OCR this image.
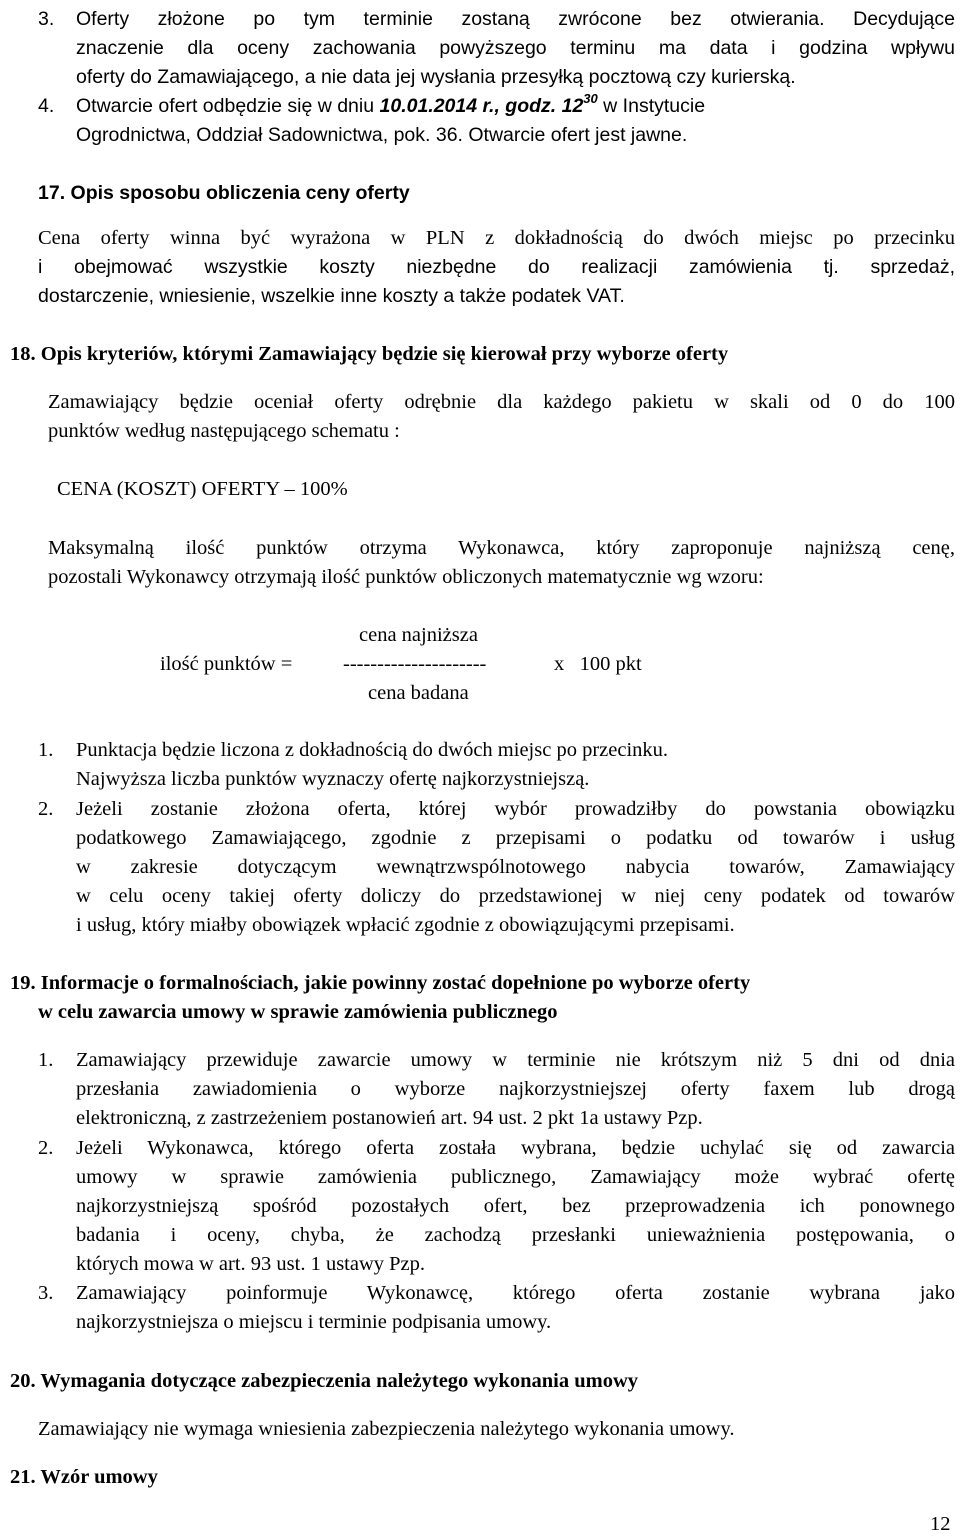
3. Oferty złożone po tym terminie zostaną zwrócone bez otwierania. Decydujące
znaczenie dla oceny zachowania powyższego terminu ma data i godzina wpływu
oferty do Zamawiającego, a nie data jej wysłania przesyłką pocztową czy kurierską.
4. Otwarcie ofert odbędzie się w dniu 10.01.2014 r., godz. $12^{30}$ w Instytucie
Ogrodnictwa, Oddział Sadownictwa, pok. 36. Otwarcie ofert jest jawne.
17. Opis sposobu obliczenia ceny oferty
Cena oferty winna być wyrażona w PLN z dokładnością do dwóch miejsc po przecinku
i obejmować wszystkie koszty niezbędne do realizacji zamówienia tj. sprzedaż,
dostarczenie, wniesienie, wszelkie inne koszty a także podatek VAT.
18. Opis kryteriów, którymi Zamawiający będzie się kierował przy wyborze oferty
Zamawiający będzie oceniał oferty odrębnie dla każdego pakietu w skali od 0 do 100
punktów według następującego schematu :
CENA (KOSZT) OFERTY – 100%
Maksymalną ilość punktów otrzyma Wykonawca, który zaproponuje najniższą cenę,
pozostali Wykonawcy otrzymają ilość punktów obliczonych matematycznie wg wzoru:
cena najniższa
ilość punktów = ---------------------	x   100 pkt
cena badana
1. Punktacja będzie liczona z dokładnością do dwóch miejsc po przecinku.
Najwyższa liczba punktów wyznaczy ofertę najkorzystniejszą.
2. Jeżeli zostanie złożona oferta, której wybór prowadziłby do powstania obowiązku
podatkowego Zamawiającego, zgodnie z przepisami o podatku od towarów i usług
w zakresie dotyczącym wewnątrzwspólnotowego nabycia towarów, Zamawiający
w celu oceny takiej oferty doliczy do przedstawionej w niej ceny podatek od towarów
i usług, który miałby obowiązek wpłacić zgodnie z obowiązującymi przepisami.
19. Informacje o formalnościach, jakie powinny zostać dopełnione po wyborze oferty
w celu zawarcia umowy w sprawie zamówienia publicznego
1. Zamawiający przewiduje zawarcie umowy w terminie nie krótszym niż 5 dni od dnia
przesłania zawiadomienia o wyborze najkorzystniejszej oferty faxem lub drogą
elektroniczną, z zastrzeżeniem postanowień art. 94 ust. 2 pkt 1a ustawy Pzp.
2. Jeżeli Wykonawca, którego oferta została wybrana, będzie uchylać się od zawarcia
umowy w sprawie zamówienia publicznego, Zamawiający może wybrać ofertę
najkorzystniejszą spośród pozostałych ofert, bez przeprowadzenia ich ponownego
badania i oceny, chyba, że zachodzą przesłanki unieważnienia postępowania, o
których mowa w art. 93 ust. 1 ustawy Pzp.
3. Zamawiający poinformuje Wykonawcę, którego oferta zostanie wybrana jako
najkorzystniejsza o miejscu i terminie podpisania umowy.
20. Wymagania dotyczące zabezpieczenia należytego wykonania umowy
Zamawiający nie wymaga wniesienia zabezpieczenia należytego wykonania umowy.
21. Wzór umowy
12
